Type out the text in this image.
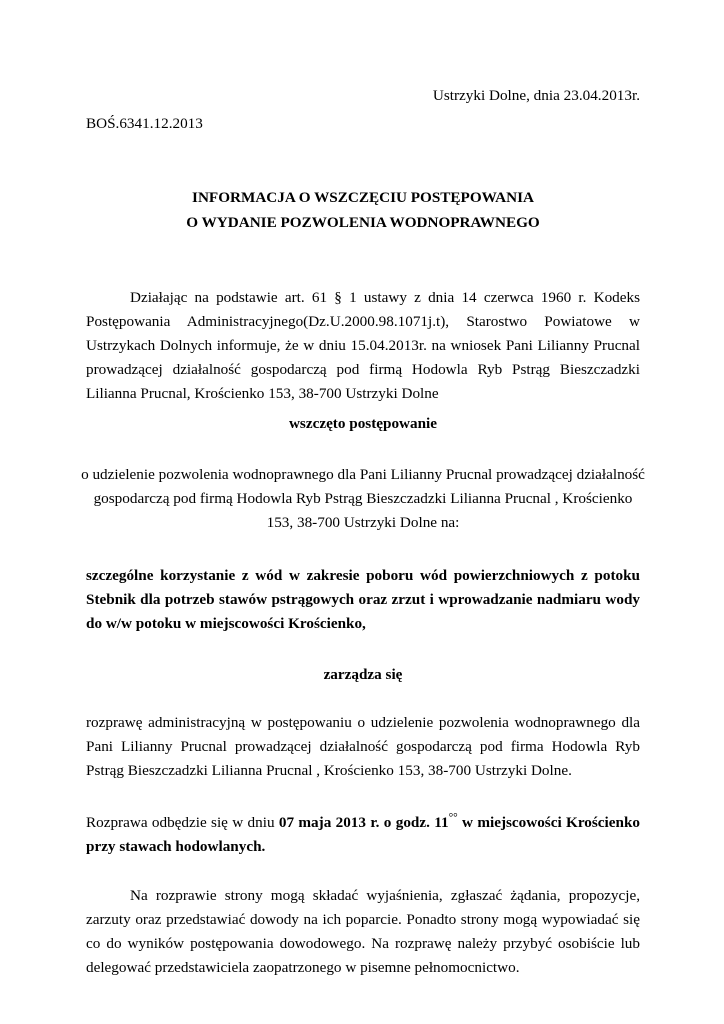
Ustrzyki Dolne, dnia 23.04.2013r.
BOŚ.6341.12.2013
INFORMACJA O WSZCZĘCIU POSTĘPOWANIA
O WYDANIE POZWOLENIA WODNOPRAWNEGO
Działając na podstawie art. 61 § 1 ustawy z dnia 14 czerwca 1960 r. Kodeks Postępowania Administracyjnego(Dz.U.2000.98.1071j.t), Starostwo Powiatowe w Ustrzykach Dolnych informuje, że w dniu 15.04.2013r. na wniosek Pani Lilianny Prucnal prowadzącej działalność gospodarczą pod firmą Hodowla Ryb Pstrąg Bieszczadzki Lilianna Prucnal, Krościenko 153, 38-700 Ustrzyki Dolne
wszczęto postępowanie
o udzielenie pozwolenia wodnoprawnego dla Pani Lilianny Prucnal prowadzącej działalność gospodarczą pod firmą Hodowla Ryb Pstrąg Bieszczadzki Lilianna Prucnal , Krościenko 153, 38-700 Ustrzyki Dolne na:
szczególne korzystanie z wód w zakresie poboru wód powierzchniowych z potoku Stebnik dla potrzeb stawów pstrągowych oraz zrzut i wprowadzanie nadmiaru wody do w/w potoku w miejscowości Krościenko,
zarządza się
rozprawę administracyjną w postępowaniu o udzielenie pozwolenia wodnoprawnego dla Pani Lilianny Prucnal prowadzącej działalność gospodarczą pod firma Hodowla Ryb Pstrąg Bieszczadzki Lilianna Prucnal , Krościenko 153, 38-700 Ustrzyki Dolne.
Rozprawa odbędzie się w dniu 07 maja 2013 r. o godz. 11°° w miejscowości Krościenko przy stawach hodowlanych.
Na rozprawie strony mogą składać wyjaśnienia, zgłaszać żądania, propozycje, zarzuty oraz przedstawiać dowody na ich poparcie. Ponadto strony mogą wypowiadać się co do wyników postępowania dowodowego. Na rozprawę należy przybyć osobiście lub delegować przedstawiciela zaopatrzonego w pisemne pełnomocnictwo.
